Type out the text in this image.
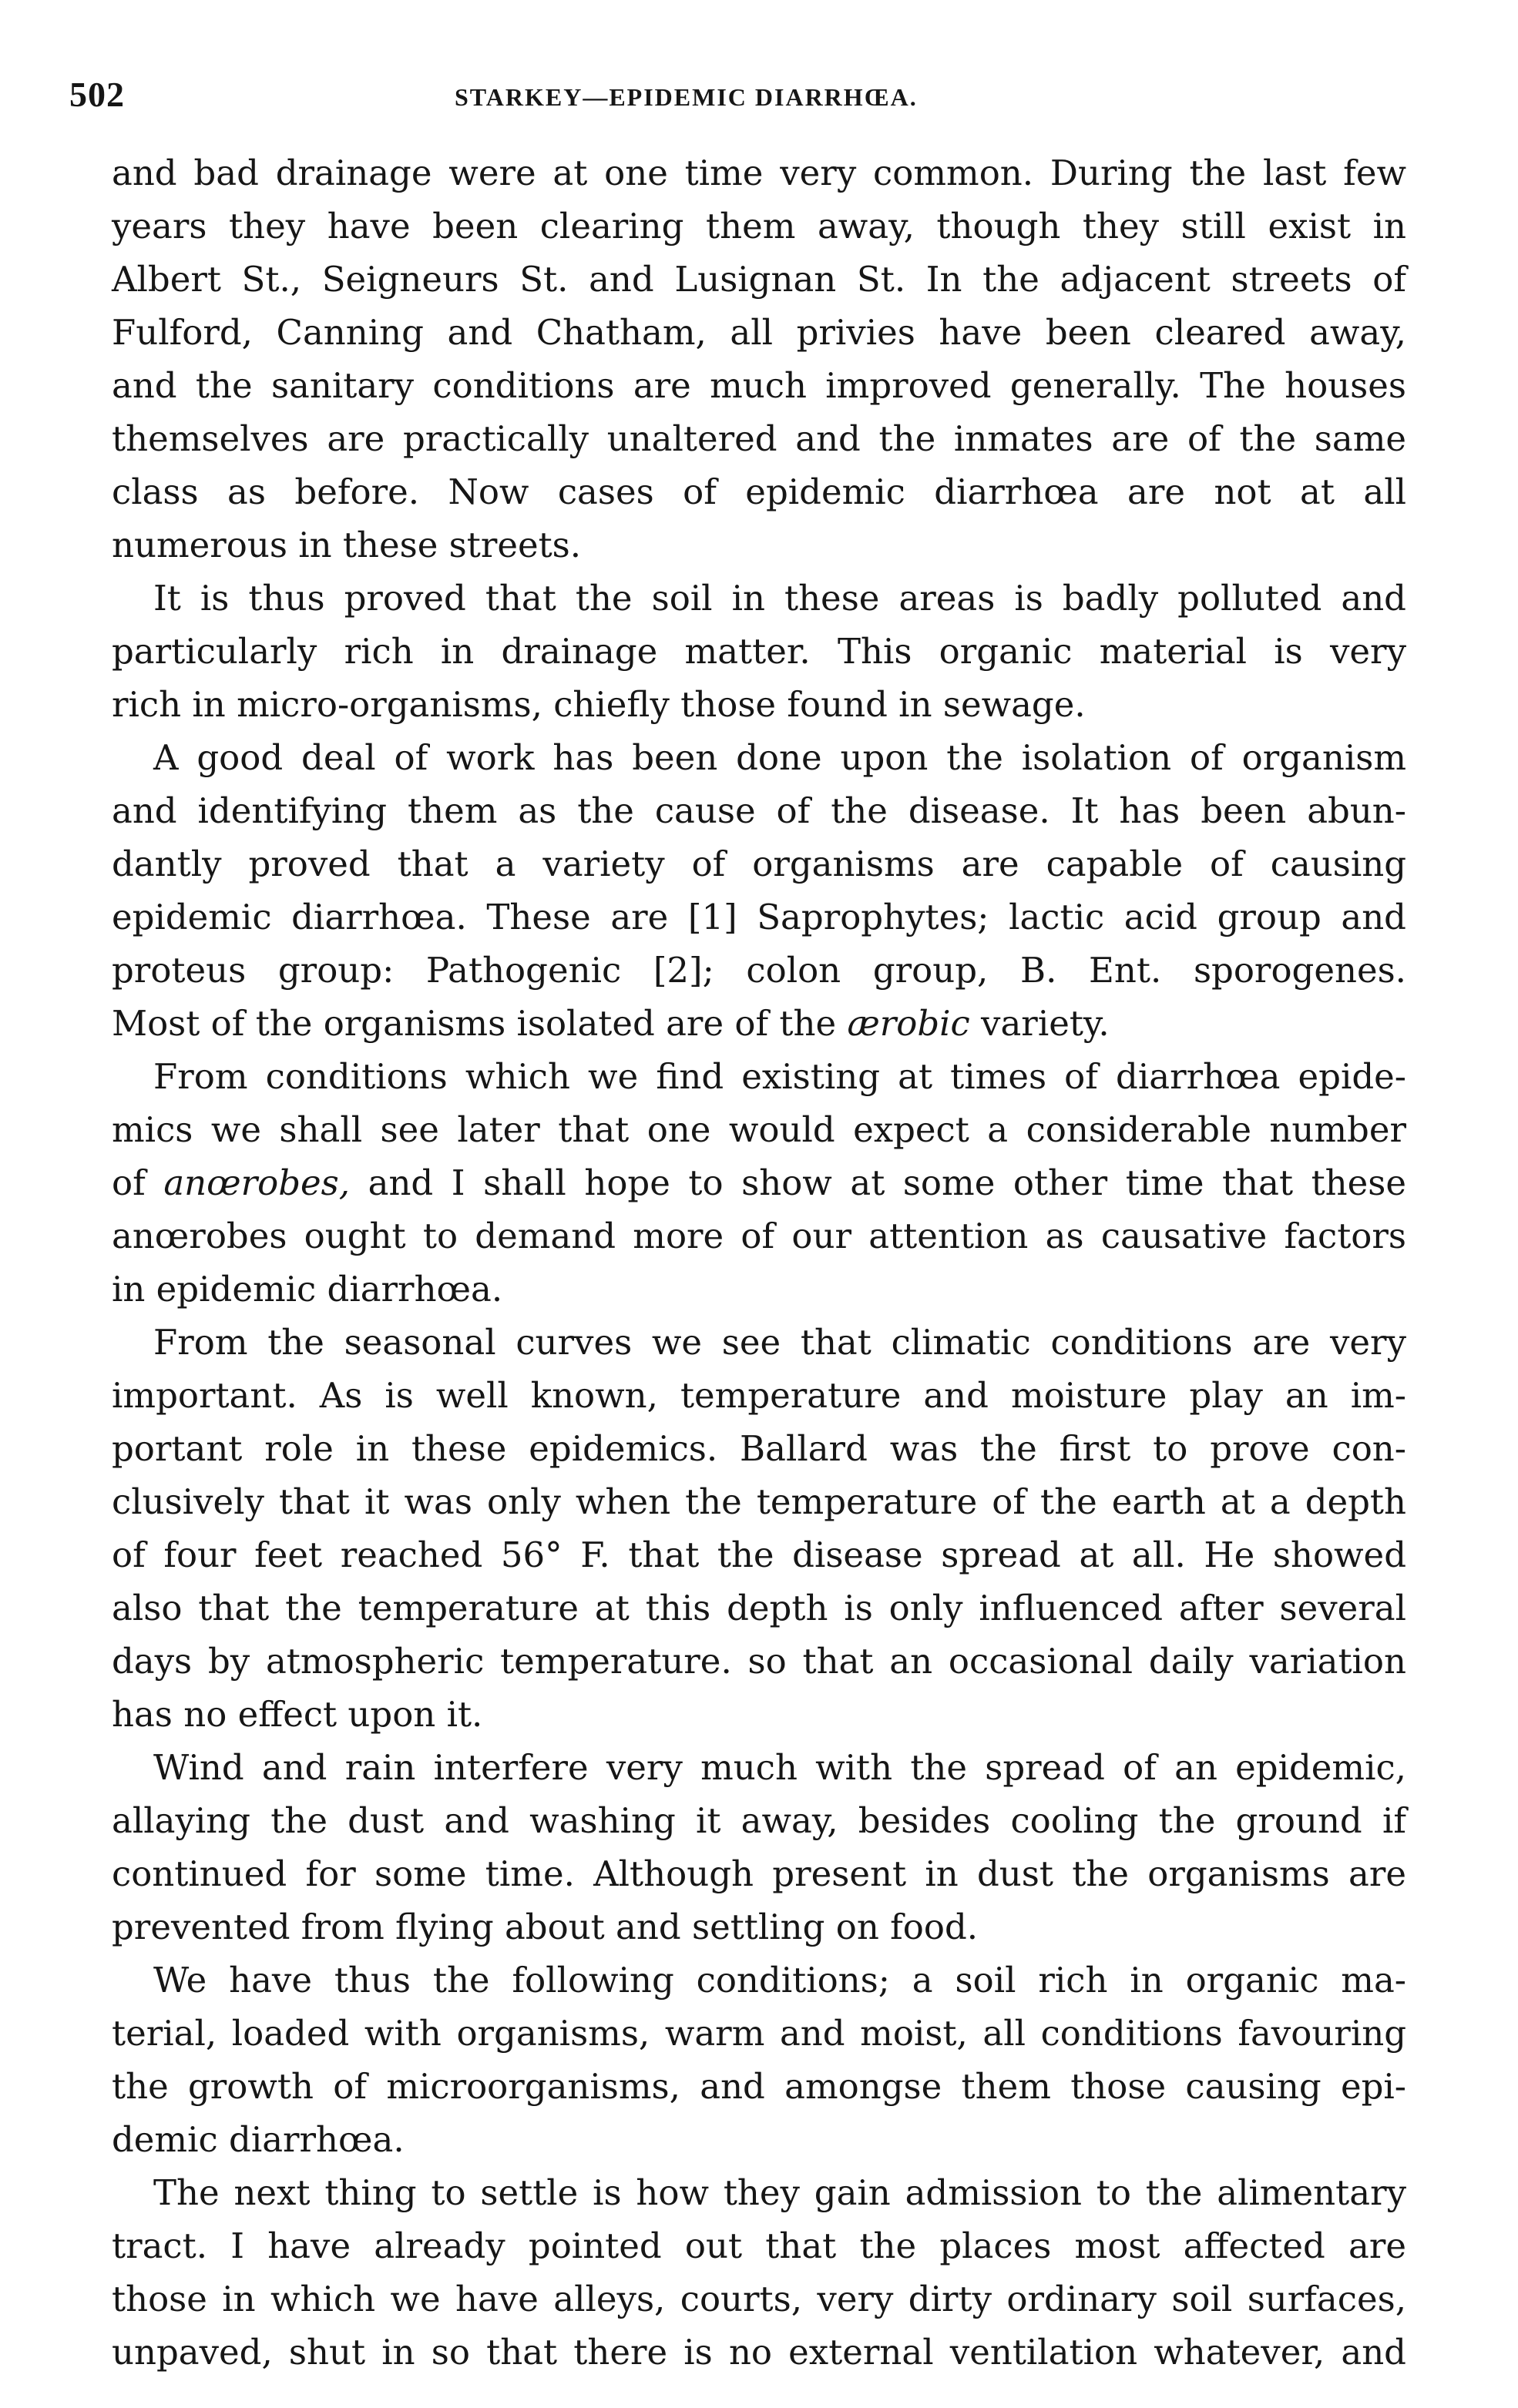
502	STARKEY—EPIDEMIC DIARRHŒA.
and bad drainage were at one time very common. During the last few
years they have been clearing them away, though they still exist in
Albert St., Seigneurs St. and Lusignan St. In the adjacent streets of
Fulford, Canning and Chatham, all privies have been cleared away,
and the sanitary conditions are much improved generally. The houses
themselves are practically unaltered and the inmates are of the same
class as before. Now cases of epidemic diarrhœa are not at all
numerous in these streets.
It is thus proved that the soil in these areas is badly polluted and
particularly rich in drainage matter. This organic material is very
rich in micro-organisms, chiefly those found in sewage.
A good deal of work has been done upon the isolation of organism
and identifying them as the cause of the disease. It has been abun-
dantly proved that a variety of organisms are capable of causing
epidemic diarrhœa. These are [1] Saprophytes; lactic acid group and
proteus group: Pathogenic [2]; colon group, B. Ent. sporogenes.
Most of the organisms isolated are of the ærobic variety.
From conditions which we find existing at times of diarrhœa epide-
mics we shall see later that one would expect a considerable number
of anœrobes, and I shall hope to show at some other time that these
anœrobes ought to demand more of our attention as causative factors
in epidemic diarrhœa.
From the seasonal curves we see that climatic conditions are very
important. As is well known, temperature and moisture play an im-
portant role in these epidemics. Ballard was the first to prove con-
clusively that it was only when the temperature of the earth at a depth
of four feet reached 56° F. that the disease spread at all. He showed
also that the temperature at this depth is only influenced after several
days by atmospheric temperature. so that an occasional daily variation
has no effect upon it.
Wind and rain interfere very much with the spread of an epidemic,
allaying the dust and washing it away, besides cooling the ground if
continued for some time. Although present in dust the organisms are
prevented from flying about and settling on food.
We have thus the following conditions; a soil rich in organic ma-
terial, loaded with organisms, warm and moist, all conditions favouring
the growth of microorganisms, and amongse them those causing epi-
demic diarrhœa.
The next thing to settle is how they gain admission to the alimentary
tract. I have already pointed out that the places most affected are
those in which we have alleys, courts, very dirty ordinary soil surfaces,
unpaved, shut in so that there is no external ventilation whatever, and
